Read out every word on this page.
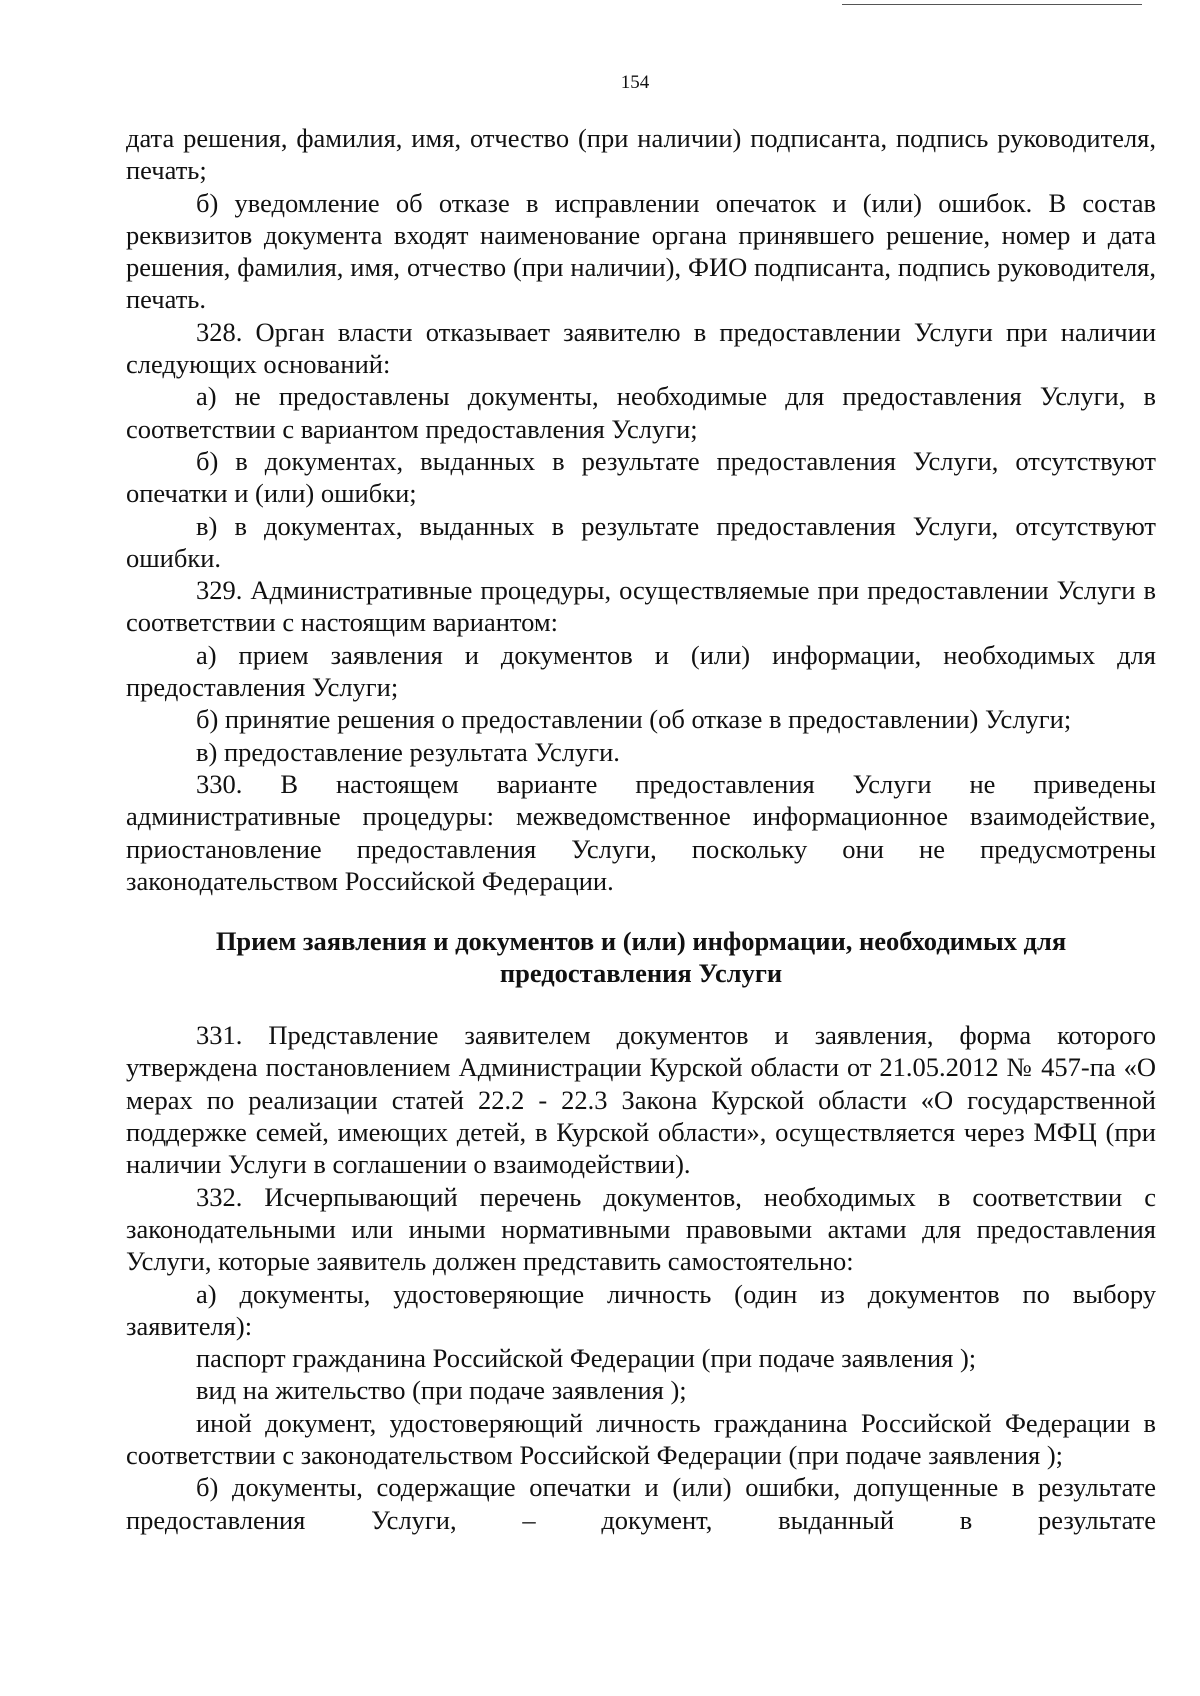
154

дата решения, фамилия, имя, отчество (при наличии) подписанта, подпись руководителя, печать;

б) уведомление об отказе в исправлении опечаток и (или) ошибок. В состав реквизитов документа входят наименование органа принявшего решение, номер и дата решения, фамилия, имя, отчество (при наличии), ФИО подписанта, подпись руководителя, печать.

328. Орган власти отказывает заявителю в предоставлении Услуги при наличии следующих оснований:

а) не предоставлены документы, необходимые для предоставления Услуги, в соответствии с вариантом предоставления Услуги;

б) в документах, выданных в результате предоставления Услуги, отсутствуют опечатки и (или) ошибки;

в) в документах, выданных в результате предоставления Услуги, отсутствуют ошибки.

329. Административные процедуры, осуществляемые при предоставлении Услуги в соответствии с настоящим вариантом:

а) прием заявления и документов и (или) информации, необходимых для предоставления Услуги;

б) принятие решения о предоставлении (об отказе в предоставлении) Услуги;

в) предоставление результата Услуги.

330. В настоящем варианте предоставления Услуги не приведены административные процедуры: межведомственное информационное взаимодействие, приостановление предоставления Услуги, поскольку они не предусмотрены законодательством Российской Федерации.

Прием заявления и документов и (или) информации, необходимых для
предоставления Услуги

331. Представление заявителем документов и заявления, форма которого утверждена постановлением Администрации Курской области от 21.05.2012 № 457-па «О мерах по реализации статей 22.2 - 22.3 Закона Курской области «О государственной поддержке семей, имеющих детей, в Курской области», осуществляется через МФЦ (при наличии Услуги в соглашении о взаимодействии).

332. Исчерпывающий перечень документов, необходимых в соответствии с законодательными или иными нормативными правовыми актами для предоставления Услуги, которые заявитель должен представить самостоятельно:

а) документы, удостоверяющие личность (один из документов по выбору заявителя):

паспорт гражданина Российской Федерации (при подаче заявления );

вид на жительство (при подаче заявления );

иной документ, удостоверяющий личность гражданина Российской Федерации в соответствии с законодательством Российской Федерации (при подаче заявления );

б) документы, содержащие опечатки и (или) ошибки, допущенные в результате предоставления Услуги, – документ, выданный в результате
